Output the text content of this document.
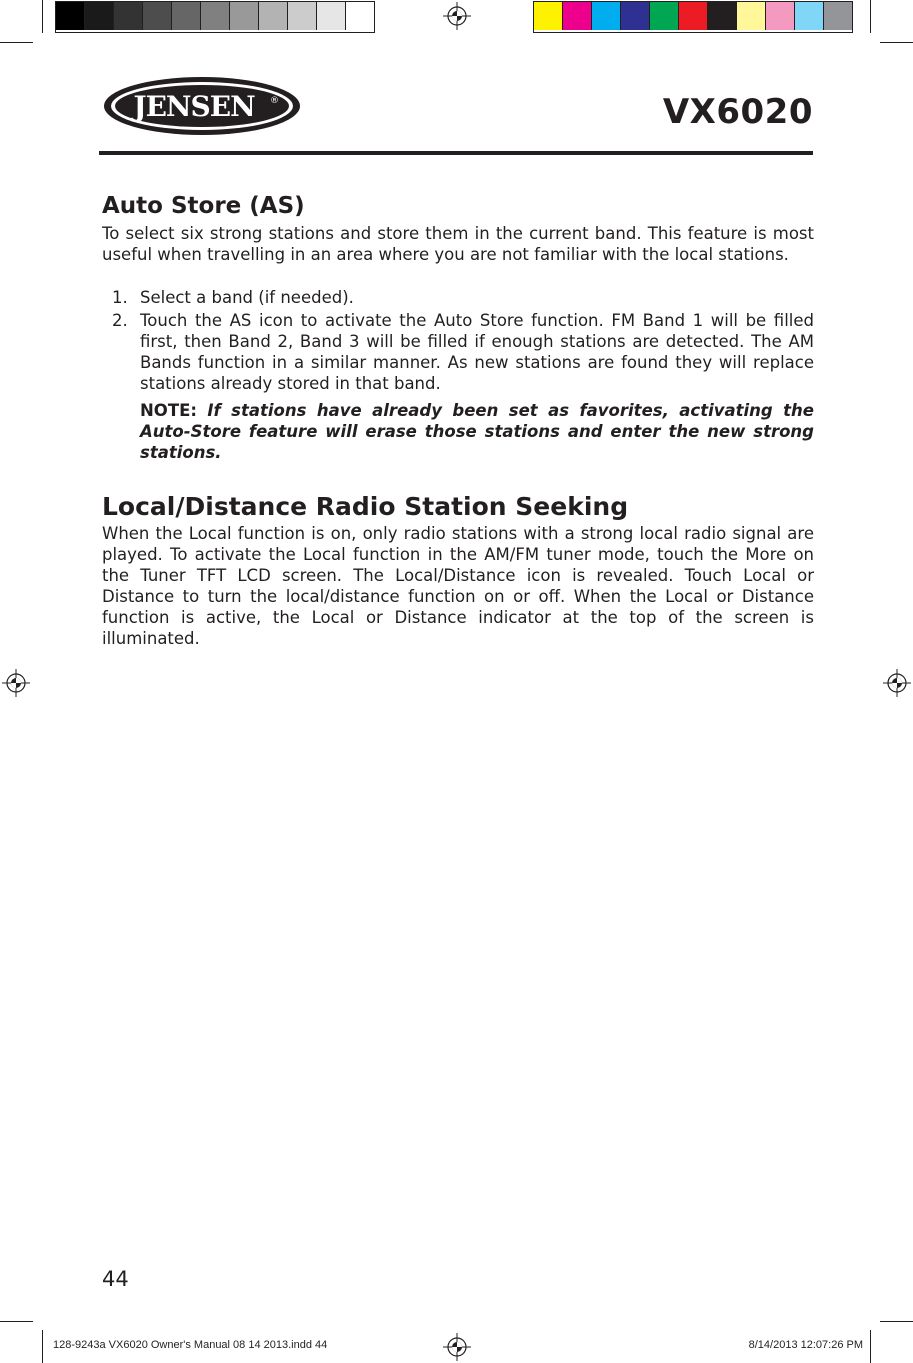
JENSEN ®	VX6020
Auto Store (AS)

To select six strong stations and store them in the current band. This feature is most useful when travelling in an area where you are not familiar with the local stations.

1. Select a band (if needed).
2. Touch the AS icon to activate the Auto Store function. FM Band 1 will be filled first, then Band 2, Band 3 will be filled if enough stations are detected. The AM Bands function in a similar manner. As new stations are found they will replace stations already stored in that band.
NOTE: If stations have already been set as favorites, activating the Auto-Store feature will erase those stations and enter the new strong stations.
Local/Distance Radio Station Seeking

When the Local function is on, only radio stations with a strong local radio signal are played. To activate the Local function in the AM/FM tuner mode, touch the More on the Tuner TFT LCD screen. The Local/Distance icon is revealed. Touch Local or Distance to turn the local/distance function on or off. When the Local or Distance function is active, the Local or Distance indicator at the top of the screen is illuminated.

44
128-9243a VX6020 Owner's Manual 08 14 2013.indd 44	8/14/2013 12:07:26 PM
